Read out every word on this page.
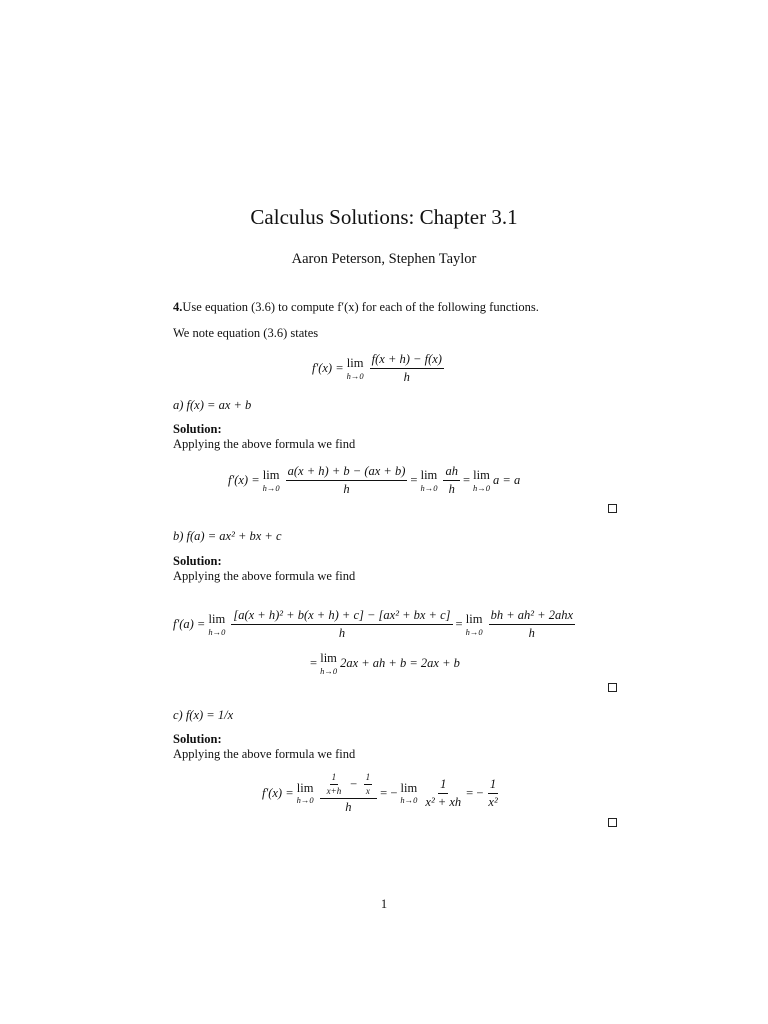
Calculus Solutions: Chapter 3.1
Aaron Peterson, Stephen Taylor
4.Use equation (3.6) to compute f′(x) for each of the following functions.
We note equation (3.6) states
f′(x) = lim
$h\to 0 \frac{f(x + h) - f(x)}{h}$
a) f(x) = ax + b
Solution:
Applying the above formula we find
f′(x) = lim
$h\to 0 \frac{a(x + h) + b - (ax + b)}{h} = \lim$
$h\to 0 \frac{ah}{h} = \lim$
h→0
a = a
b) f(a) = ax² + bx + c
Solution:
Applying the above formula we find
f′(a) = lim
$h\to 0 \frac{\text{[a(x + h)² + b(x + h) + c] − [ax² + bx + c]}}{h} = \lim$
$h\to 0 \frac{\text{bh + ah² + 2ahx}}{h}$
= lim
h→0
2ax + ah + b = 2ax + b
c) f(x) = 1/x
Solution:
Applying the above formula we find
f′(x) = lim
$h\to 0 \frac{\frac{1}{x+h} - \frac{1}{x}}{h}$ = − lim
$h\to 0 \frac{1}{\text{x² + xh}}$ = − $\frac{1}{\text{x²}}$
1
